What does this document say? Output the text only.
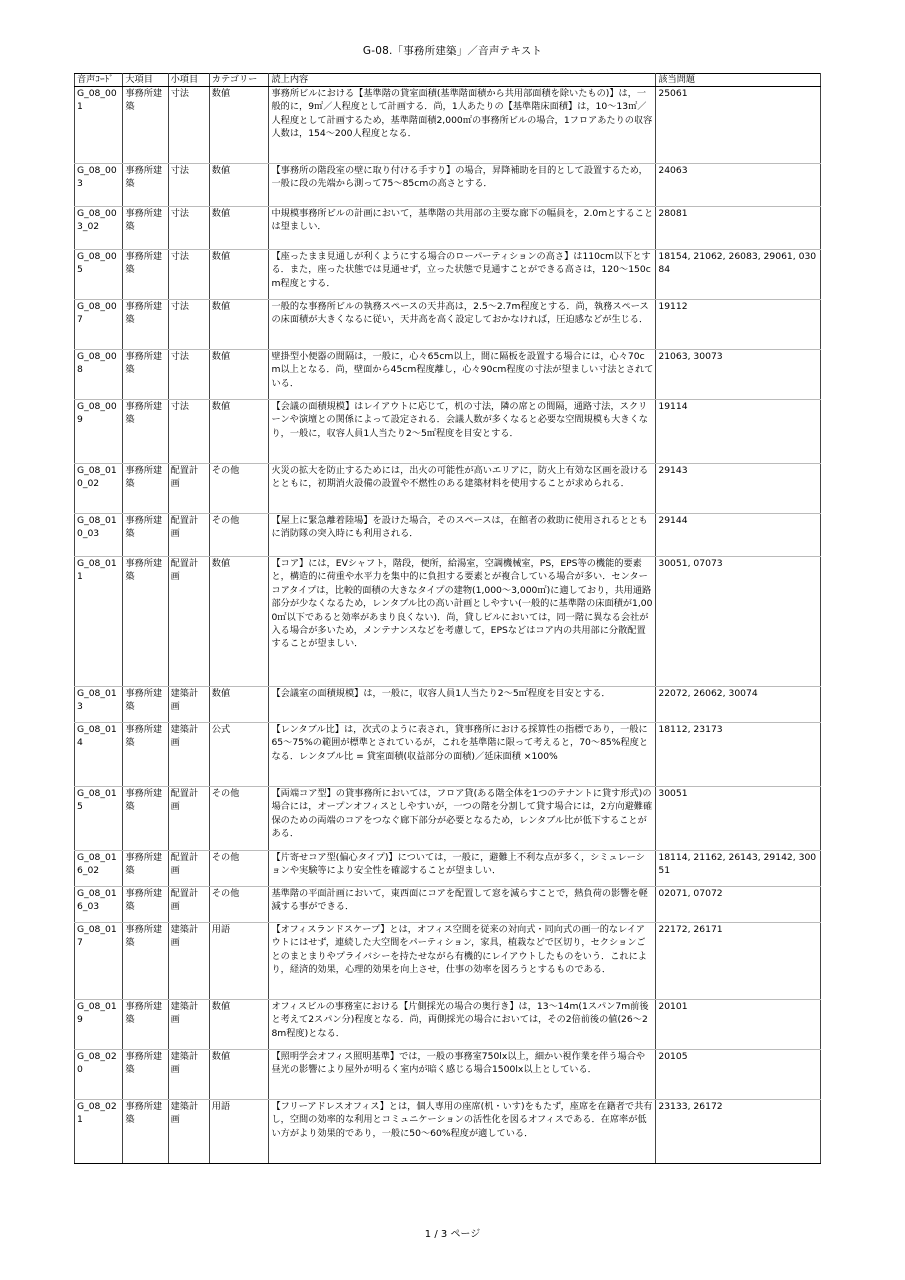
G-08.「事務所建築」／音声テキスト
音声ｺｰﾄﾞ	大項目	小項目	カテゴリー	読上内容	該当問題
G_08_001	事務所建築	寸法	数値	事務所ビルにおける【基準階の貸室面積(基準階面積から共用部面積を除いたもの)】は，一般的に，9㎡／人程度として計画する．尚，1人あたりの【基準階床面積】は，10～13㎡／人程度として計画するため，基準階面積2,000㎡の事務所ビルの場合，1フロアあたりの収容人数は，154～200人程度となる．	25061
G_08_003	事務所建築	寸法	数値	【事務所の階段室の壁に取り付ける手すり】の場合，昇降補助を目的として設置するため，一般に段の先端から測って75～85cmの高さとする．	24063
G_08_003_02	事務所建築	寸法	数値	中規模事務所ビルの計画において，基準階の共用部の主要な廊下の幅員を，2.0mとすることは望ましい．	28081
G_08_005	事務所建築	寸法	数値	【座ったまま見通しが利くようにする場合のローパーティションの高さ】は110cm以下とする．また，座った状態では見通せず，立った状態で見通すことができる高さは，120～150cm程度とする．	18154, 21062, 26083, 29061, 03084
G_08_007	事務所建築	寸法	数値	一般的な事務所ビルの執務スペースの天井高は，2.5～2.7m程度とする．尚，執務スペースの床面積が大きくなるに従い，天井高を高く設定しておかなければ，圧迫感などが生じる．	19112
G_08_008	事務所建築	寸法	数値	壁掛型小便器の間隔は，一般に，心々65cm以上，間に隔板を設置する場合には，心々70cm以上となる．尚，壁面から45cm程度離し，心々90cm程度の寸法が望ましい寸法とされている．	21063, 30073
G_08_009	事務所建築	寸法	数値	【会議の面積規模】はレイアウトに応じて，机の寸法，隣の席との間隔，通路寸法，スクリーンや演壇との関係によって設定される．会議人数が多くなると必要な空間規模も大きくなり，一般に，収容人員1人当たり2～5㎡程度を目安とする．	19114
G_08_010_02	事務所建築	配置計画	その他	火災の拡大を防止するためには，出火の可能性が高いエリアに，防火上有効な区画を設けるとともに，初期消火設備の設置や不燃性のある建築材料を使用することが求められる．	29143
G_08_010_03	事務所建築	配置計画	その他	【屋上に緊急離着陸場】を設けた場合，そのスペースは，在館者の救助に使用されるとともに消防隊の突入時にも利用される．	29144
G_08_011	事務所建築	配置計画	数値	【コア】には，EVシャフト，階段，便所，給湯室，空調機械室，PS，EPS等の機能的要素と，構造的に荷重や水平力を集中的に負担する要素とが複合している場合が多い．センターコアタイプは，比較的面積の大きなタイプの建物(1,000～3,000㎡)に適しており，共用通路部分が少なくなるため，レンタブル比の高い計画としやすい(一般的に基準階の床面積が1,000㎡以下であると効率があまり良くない)．尚，貸しビルにおいては，同一階に異なる会社が入る場合が多いため，メンテナンスなどを考慮して，EPSなどはコア内の共用部に分散配置することが望ましい．	30051, 07073
G_08_013	事務所建築	建築計画	数値	【会議室の面積規模】は，一般に，収容人員1人当たり2～5㎡程度を目安とする．	22072, 26062, 30074
G_08_014	事務所建築	建築計画	公式	【レンタブル比】は，次式のように表され，貸事務所における採算性の指標であり，一般に65～75%の範囲が標準とされているが，これを基準階に限って考えると，70～85%程度となる．レンタブル比 = 貸室面積(収益部分の面積)／延床面積 ×100%	18112, 23173
G_08_015	事務所建築	配置計画	その他	【両端コア型】の貸事務所においては，フロア貸(ある階全体を1つのテナントに貸す形式)の場合には，オープンオフィスとしやすいが，一つの階を分割して貸す場合には，2方向避難確保のための両端のコアをつなぐ廊下部分が必要となるため，レンタブル比が低下することがある．	30051
G_08_016_02	事務所建築	配置計画	その他	【片寄せコア型(偏心タイプ)】については，一般に，避難上不利な点が多く，シミュレーションや実験等により安全性を確認することが望ましい．	18114, 21162, 26143, 29142, 30051
G_08_016_03	事務所建築	配置計画	その他	基準階の平面計画において，東西面にコアを配置して窓を減らすことで，熱負荷の影響を軽減する事ができる．	02071, 07072
G_08_017	事務所建築	建築計画	用語	【オフィスランドスケープ】とは，オフィス空間を従来の対向式・同向式の画一的なレイアウトにはせず，連続した大空間をパーティション，家具，植栽などで区切り，セクションごとのまとまりやプライバシーを持たせながら有機的にレイアウトしたものをいう．これにより，経済的効果，心理的効果を向上させ，仕事の効率を図ろうとするものである．	22172, 26171
G_08_019	事務所建築	建築計画	数値	オフィスビルの事務室における【片側採光の場合の奥行き】は，13～14m(1スパン7m前後と考えて2スパン分)程度となる．尚，両側採光の場合においては，その2倍前後の値(26～28m程度)となる．	20101
G_08_020	事務所建築	建築計画	数値	【照明学会オフィス照明基準】では，一般の事務室750lx以上，細かい視作業を伴う場合や昼光の影響により屋外が明るく室内が暗く感じる場合1500lx以上としている．	20105
G_08_021	事務所建築	建築計画	用語	【フリーアドレスオフィス】とは，個人専用の座席(机・いす)をもたず，座席を在籍者で共有し，空間の効率的な利用とコミュニケーションの活性化を図るオフィスである．在席率が低い方がより効果的であり，一般に50～60%程度が適している．	23133, 26172
1 / 3 ページ
